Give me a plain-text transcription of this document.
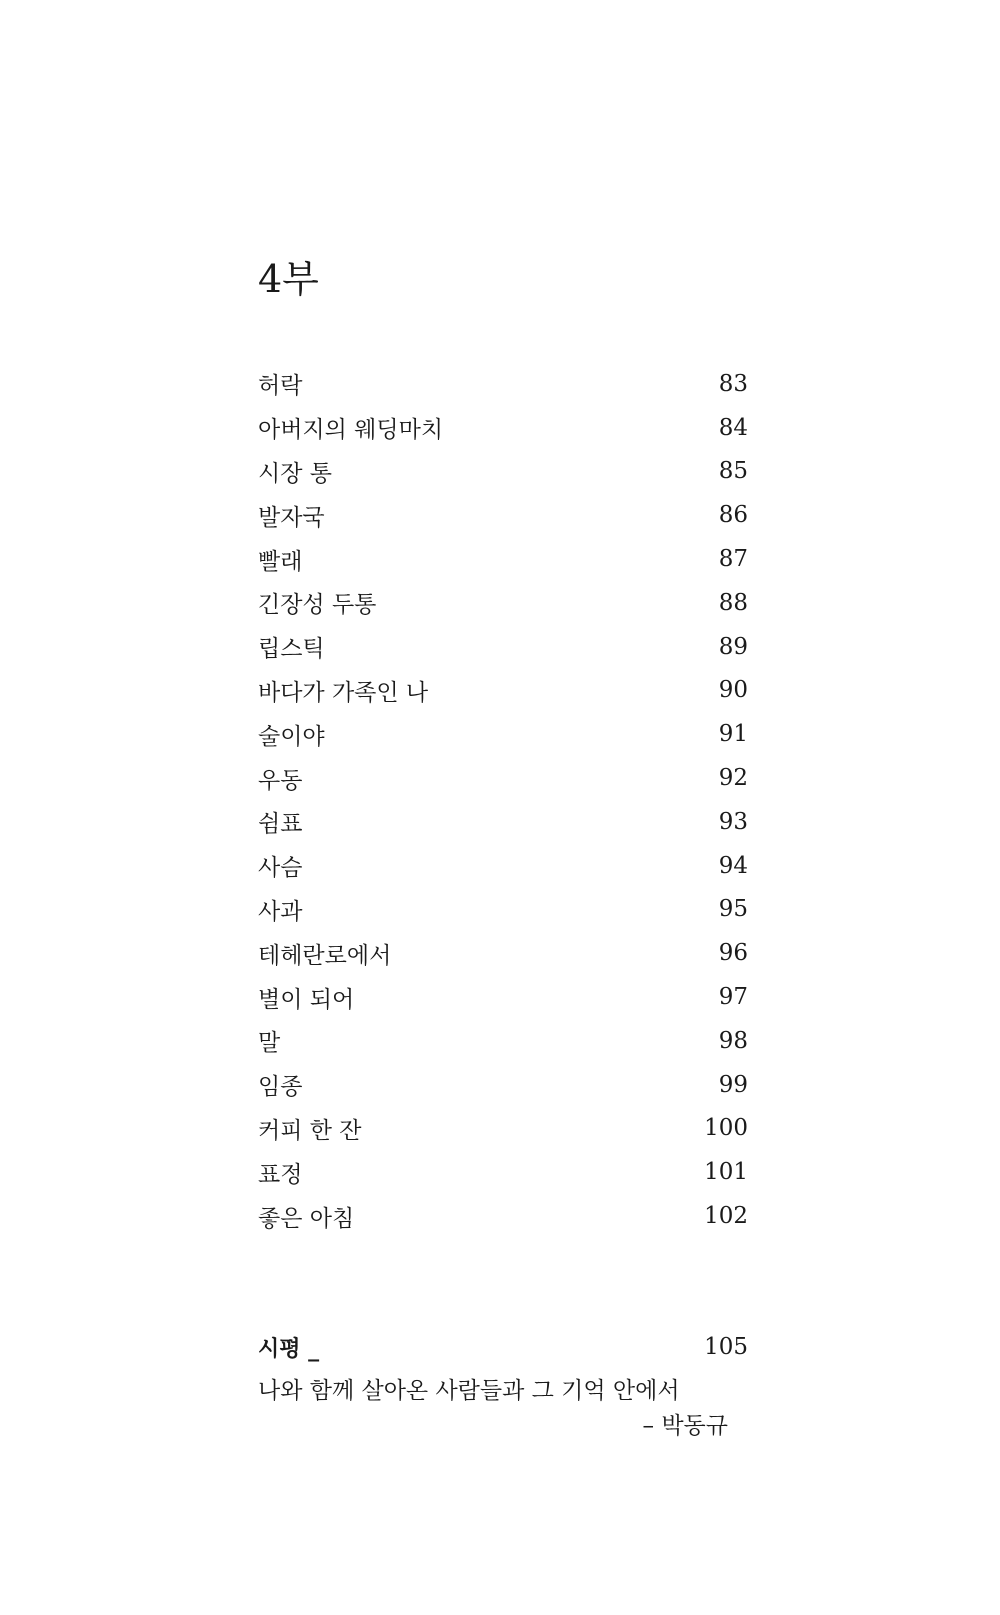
4부
허락	83
아버지의 웨딩마치	84
시장 통	85
발자국	86
빨래	87
긴장성 두통	88
립스틱	89
바다가 가족인 나	90
술이야	91
우동	92
쉼표	93
사슴	94
사과	95
테헤란로에서	96
별이 되어	97
말	98
임종	99
커피 한 잔	100
표정	101
좋은 아침	102
시평 _	105
나와 함께 살아온 사람들과 그 기억 안에서
– 박동규
